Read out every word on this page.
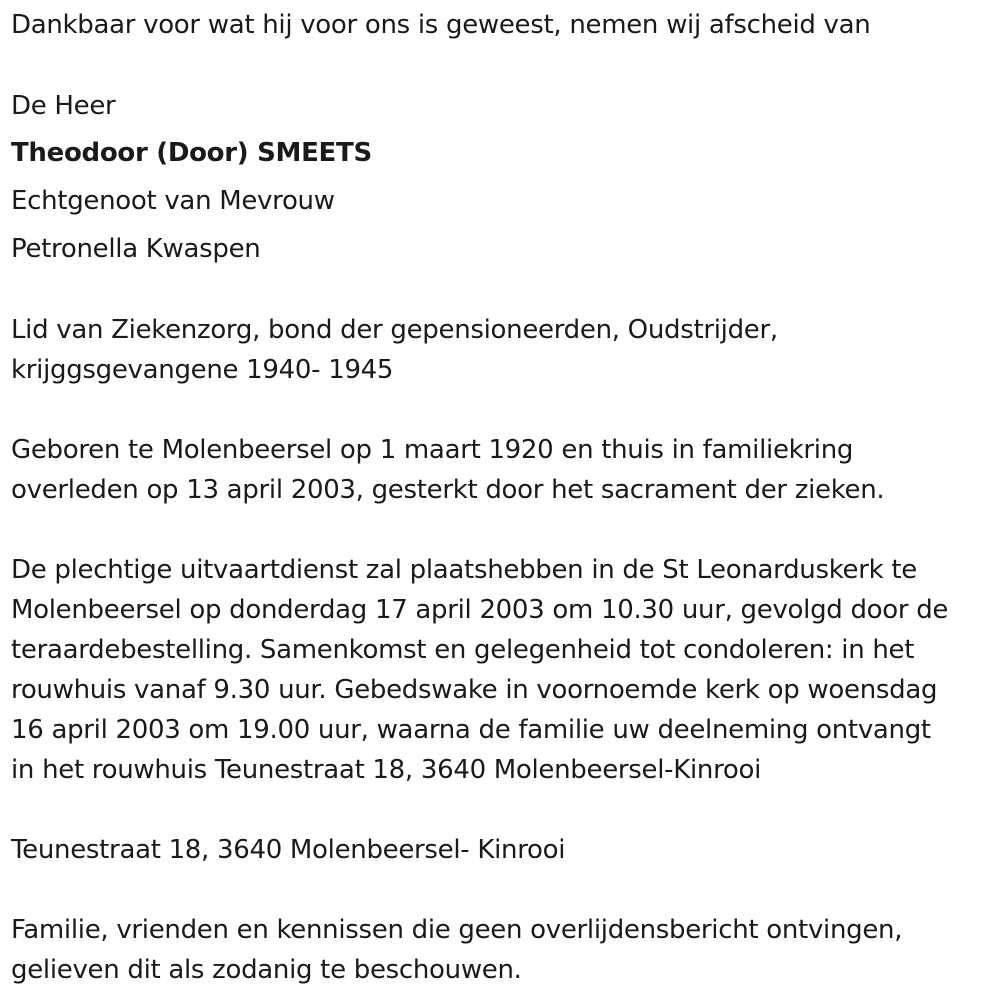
Dankbaar voor wat hij voor ons is geweest, nemen wij afscheid van
De Heer
Theodoor (Door) SMEETS
Echtgenoot van Mevrouw
Petronella Kwaspen
Lid van Ziekenzorg, bond der gepensioneerden, Oudstrijder,
krijggsgevangene 1940- 1945
Geboren te Molenbeersel op 1 maart 1920 en thuis in familiekring
overleden op 13 april 2003, gesterkt door het sacrament der zieken.
De plechtige uitvaartdienst zal plaatshebben in de St Leonarduskerk te
Molenbeersel op donderdag 17 april 2003 om 10.30 uur, gevolgd door de
teraardebestelling. Samenkomst en gelegenheid tot condoleren: in het
rouwhuis vanaf 9.30 uur. Gebedswake in voornoemde kerk op woensdag
16 april 2003 om 19.00 uur, waarna de familie uw deelneming ontvangt
in het rouwhuis Teunestraat 18, 3640 Molenbeersel-Kinrooi
Teunestraat 18, 3640 Molenbeersel- Kinrooi
Familie, vrienden en kennissen die geen overlijdensbericht ontvingen,
gelieven dit als zodanig te beschouwen.
